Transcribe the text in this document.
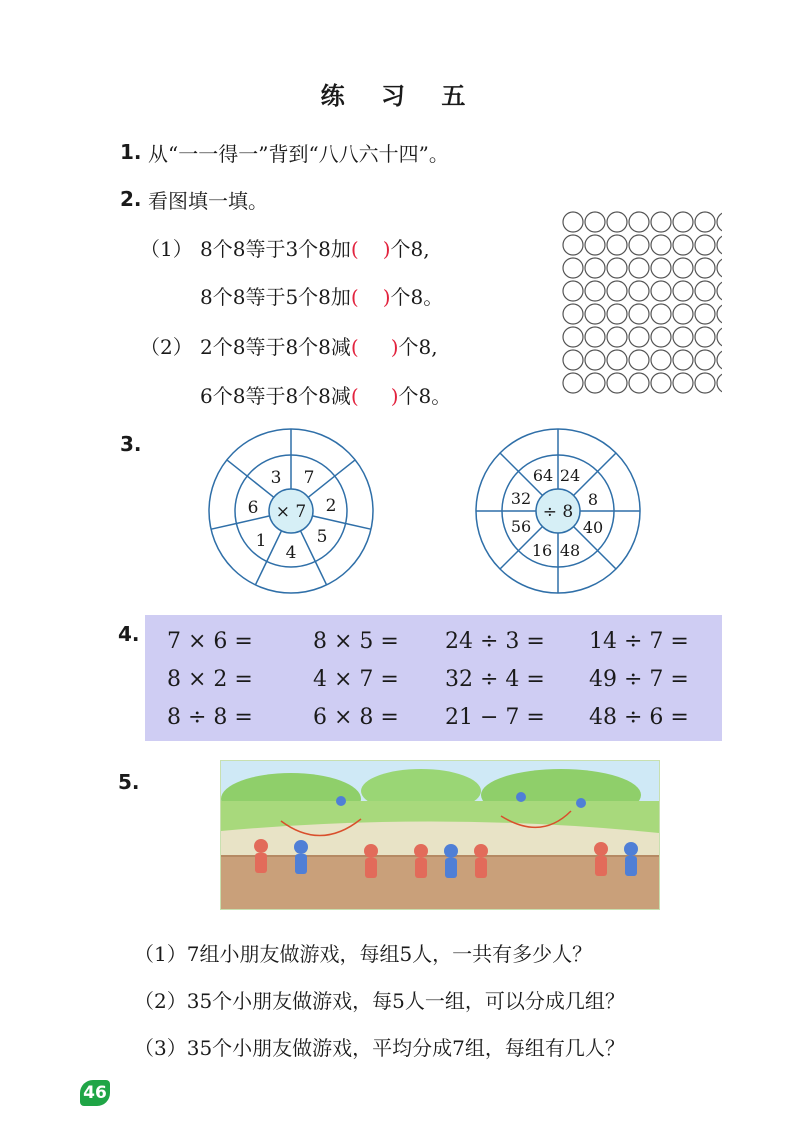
练 习 五
1. 从“一一得一”背到“八八六十四”。
2. 看图填一填。
（1） 8个8等于3个8加( )个8,
8个8等于5个8加( )个8。
（2） 2个8等于8个8减( )个8,
6个8等于8个8减( )个8。
3.
× 7
3 7
2
5
4
1
6	÷ 8
24
8
40
48
16
56
32
64
4. 7 × 6 =	8 × 5 = 24 ÷ 3 = 14 ÷ 7 =
8 × 2 =	4 × 7 = 32 ÷ 4 = 49 ÷ 7 =
8 ÷ 8 =	6 × 8 = 21 − 7 = 48 ÷ 6 =
5.
（1）7组小朋友做游戏，每组5人，一共有多少人？
（2）35个小朋友做游戏，每5人一组，可以分成几组？
（3）35个小朋友做游戏，平均分成7组，每组有几人？
46
